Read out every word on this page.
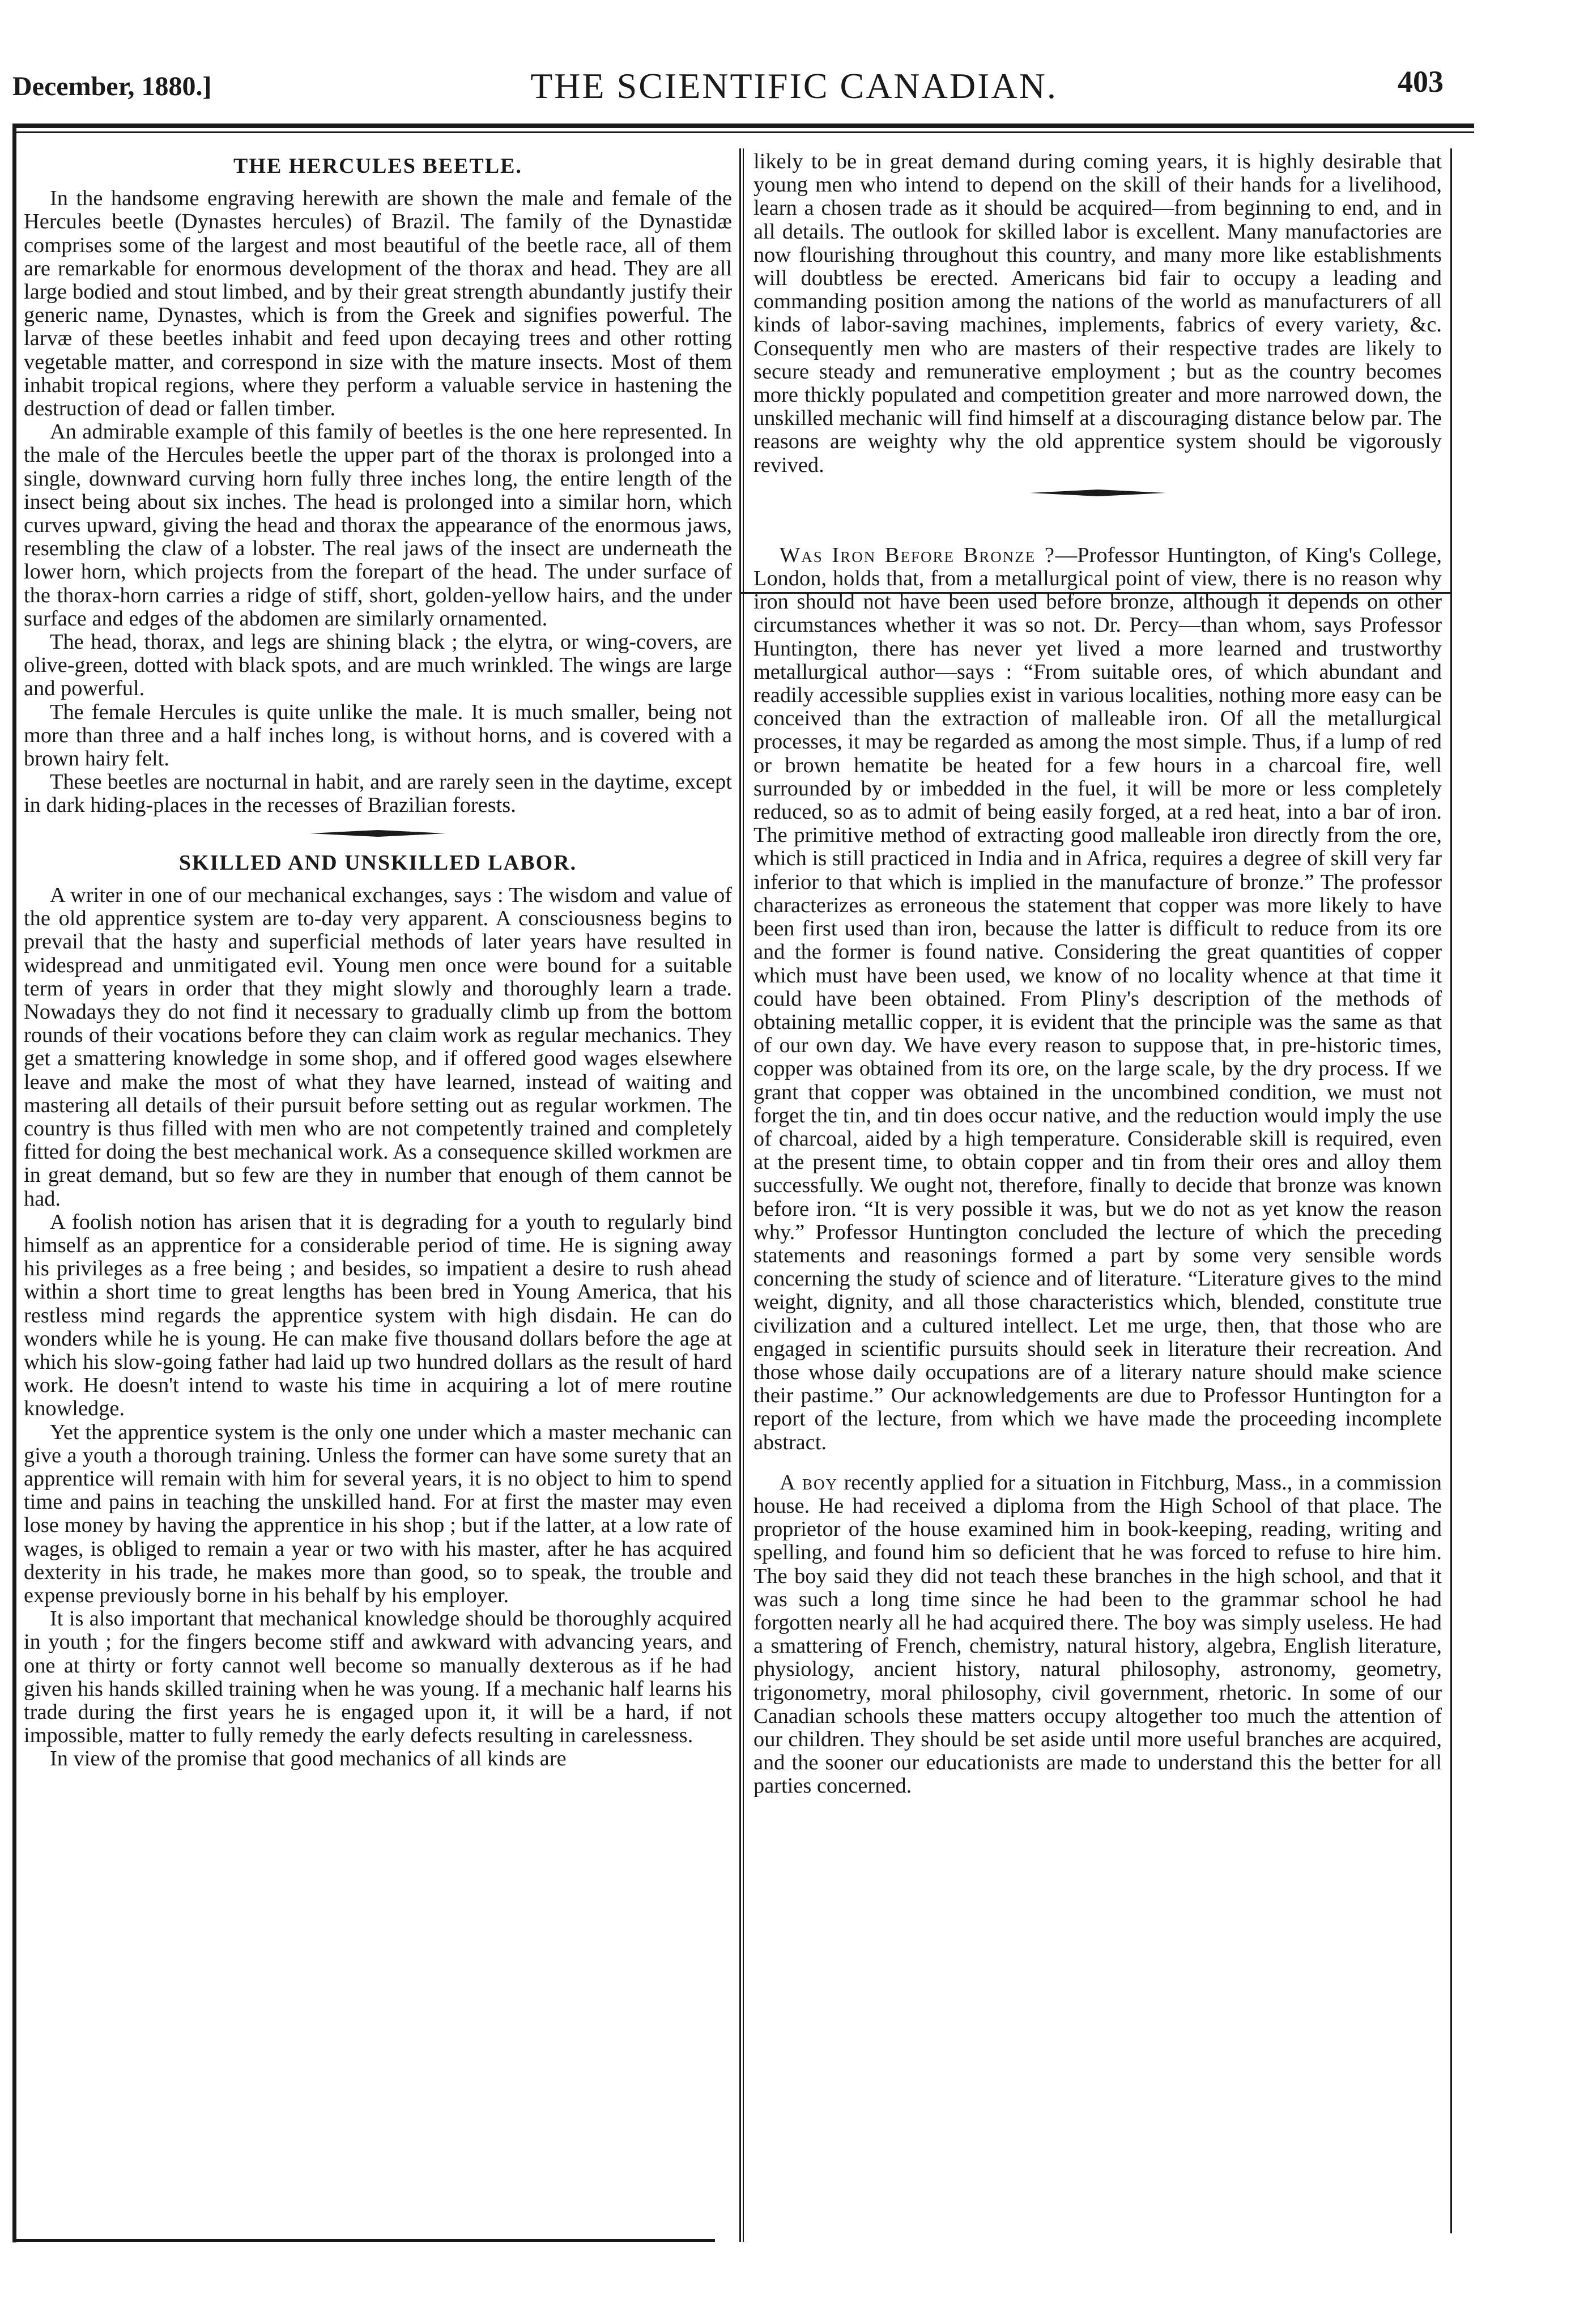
December, 1880.]	THE SCIENTIFIC CANADIAN.	403
THE HERCULES BEETLE.

In the handsome engraving herewith are shown the male and female of the Hercules beetle (Dynastes hercules) of Brazil. The family of the Dynastidæ comprises some of the largest and most beautiful of the beetle race, all of them are remarkable for enormous development of the thorax and head. They are all large bodied and stout limbed, and by their great strength abundantly justify their generic name, Dynastes, which is from the Greek and signifies powerful. The larvæ of these beetles inhabit and feed upon decaying trees and other rotting vegetable matter, and correspond in size with the mature insects. Most of them inhabit tropical regions, where they perform a valuable service in hastening the destruction of dead or fallen timber.

An admirable example of this family of beetles is the one here represented. In the male of the Hercules beetle the upper part of the thorax is prolonged into a single, downward curving horn fully three inches long, the entire length of the insect being about six inches. The head is prolonged into a similar horn, which curves upward, giving the head and thorax the appearance of the enormous jaws, resembling the claw of a lobster. The real jaws of the insect are underneath the lower horn, which projects from the forepart of the head. The under surface of the thorax-horn carries a ridge of stiff, short, golden-yellow hairs, and the under surface and edges of the abdomen are similarly ornamented.

The head, thorax, and legs are shining black ; the elytra, or wing-covers, are olive-green, dotted with black spots, and are much wrinkled. The wings are large and powerful.

The female Hercules is quite unlike the male. It is much smaller, being not more than three and a half inches long, is without horns, and is covered with a brown hairy felt.

These beetles are nocturnal in habit, and are rarely seen in the daytime, except in dark hiding-places in the recesses of Brazilian forests.

SKILLED AND UNSKILLED LABOR.

A writer in one of our mechanical exchanges, says : The wisdom and value of the old apprentice system are to-day very apparent. A consciousness begins to prevail that the hasty and superficial methods of later years have resulted in widespread and unmitigated evil. Young men once were bound for a suitable term of years in order that they might slowly and thoroughly learn a trade. Nowadays they do not find it necessary to gradually climb up from the bottom rounds of their vocations before they can claim work as regular mechanics. They get a smattering knowledge in some shop, and if offered good wages elsewhere leave and make the most of what they have learned, instead of waiting and mastering all details of their pursuit before setting out as regular workmen. The country is thus filled with men who are not competently trained and completely fitted for doing the best mechanical work. As a consequence skilled workmen are in great demand, but so few are they in number that enough of them cannot be had.

A foolish notion has arisen that it is degrading for a youth to regularly bind himself as an apprentice for a considerable period of time. He is signing away his privileges as a free being ; and besides, so impatient a desire to rush ahead within a short time to great lengths has been bred in Young America, that his restless mind regards the apprentice system with high disdain. He can do wonders while he is young. He can make five thousand dollars before the age at which his slow-going father had laid up two hundred dollars as the result of hard work. He doesn't intend to waste his time in acquiring a lot of mere routine knowledge.

Yet the apprentice system is the only one under which a master mechanic can give a youth a thorough training. Unless the former can have some surety that an apprentice will remain with him for several years, it is no object to him to spend time and pains in teaching the unskilled hand. For at first the master may even lose money by having the apprentice in his shop ; but if the latter, at a low rate of wages, is obliged to remain a year or two with his master, after he has acquired dexterity in his trade, he makes more than good, so to speak, the trouble and expense previously borne in his behalf by his employer.

It is also important that mechanical knowledge should be thoroughly acquired in youth ; for the fingers become stiff and awkward with advancing years, and one at thirty or forty cannot well become so manually dexterous as if he had given his hands skilled training when he was young. If a mechanic half learns his trade during the first years he is engaged upon it, it will be a hard, if not impossible, matter to fully remedy the early defects resulting in carelessness.

In view of the promise that good mechanics of all kinds are

likely to be in great demand during coming years, it is highly desirable that young men who intend to depend on the skill of their hands for a livelihood, learn a chosen trade as it should be acquired—from beginning to end, and in all details. The outlook for skilled labor is excellent. Many manufactories are now flourishing throughout this country, and many more like establishments will doubtless be erected. Americans bid fair to occupy a leading and commanding position among the nations of the world as manufacturers of all kinds of labor-saving machines, implements, fabrics of every variety, &c. Consequently men who are masters of their respective trades are likely to secure steady and remunerative employment ; but as the country becomes more thickly populated and competition greater and more narrowed down, the unskilled mechanic will find himself at a discouraging distance below par. The reasons are weighty why the old apprentice system should be vigorously revived.

Was Iron Before Bronze ?—Professor Huntington, of King's College, London, holds that, from a metallurgical point of view, there is no reason why iron should not have been used before bronze, although it depends on other circumstances whether it was so not. Dr. Percy—than whom, says Professor Huntington, there has never yet lived a more learned and trustworthy metallurgical author—says : “From suitable ores, of which abundant and readily accessible supplies exist in various localities, nothing more easy can be conceived than the extraction of malleable iron. Of all the metallurgical processes, it may be regarded as among the most simple. Thus, if a lump of red or brown hematite be heated for a few hours in a charcoal fire, well surrounded by or imbedded in the fuel, it will be more or less completely reduced, so as to admit of being easily forged, at a red heat, into a bar of iron. The primitive method of extracting good malleable iron directly from the ore, which is still practiced in India and in Africa, requires a degree of skill very far inferior to that which is implied in the manufacture of bronze.” The professor characterizes as erroneous the statement that copper was more likely to have been first used than iron, because the latter is difficult to reduce from its ore and the former is found native. Considering the great quantities of copper which must have been used, we know of no locality whence at that time it could have been obtained. From Pliny's description of the methods of obtaining metallic copper, it is evident that the principle was the same as that of our own day. We have every reason to suppose that, in pre-historic times, copper was obtained from its ore, on the large scale, by the dry process. If we grant that copper was obtained in the uncombined condition, we must not forget the tin, and tin does occur native, and the reduction would imply the use of charcoal, aided by a high temperature. Considerable skill is required, even at the present time, to obtain copper and tin from their ores and alloy them successfully. We ought not, therefore, finally to decide that bronze was known before iron. “It is very possible it was, but we do not as yet know the reason why.” Professor Huntington concluded the lecture of which the preceding statements and reasonings formed a part by some very sensible words concerning the study of science and of literature. “Literature gives to the mind weight, dignity, and all those characteristics which, blended, constitute true civilization and a cultured intellect. Let me urge, then, that those who are engaged in scientific pursuits should seek in literature their recreation. And those whose daily occupations are of a literary nature should make science their pastime.” Our acknowledgements are due to Professor Huntington for a report of the lecture, from which we have made the proceeding incomplete abstract.

A boy recently applied for a situation in Fitchburg, Mass., in a commission house. He had received a diploma from the High School of that place. The proprietor of the house examined him in book-keeping, reading, writing and spelling, and found him so deficient that he was forced to refuse to hire him. The boy said they did not teach these branches in the high school, and that it was such a long time since he had been to the grammar school he had forgotten nearly all he had acquired there. The boy was simply useless. He had a smattering of French, chemistry, natural history, algebra, English literature, physiology, ancient history, natural philosophy, astronomy, geometry, trigonometry, moral philosophy, civil government, rhetoric. In some of our Canadian schools these matters occupy altogether too much the attention of our children. They should be set aside until more useful branches are acquired, and the sooner our educationists are made to understand this the better for all parties concerned.
